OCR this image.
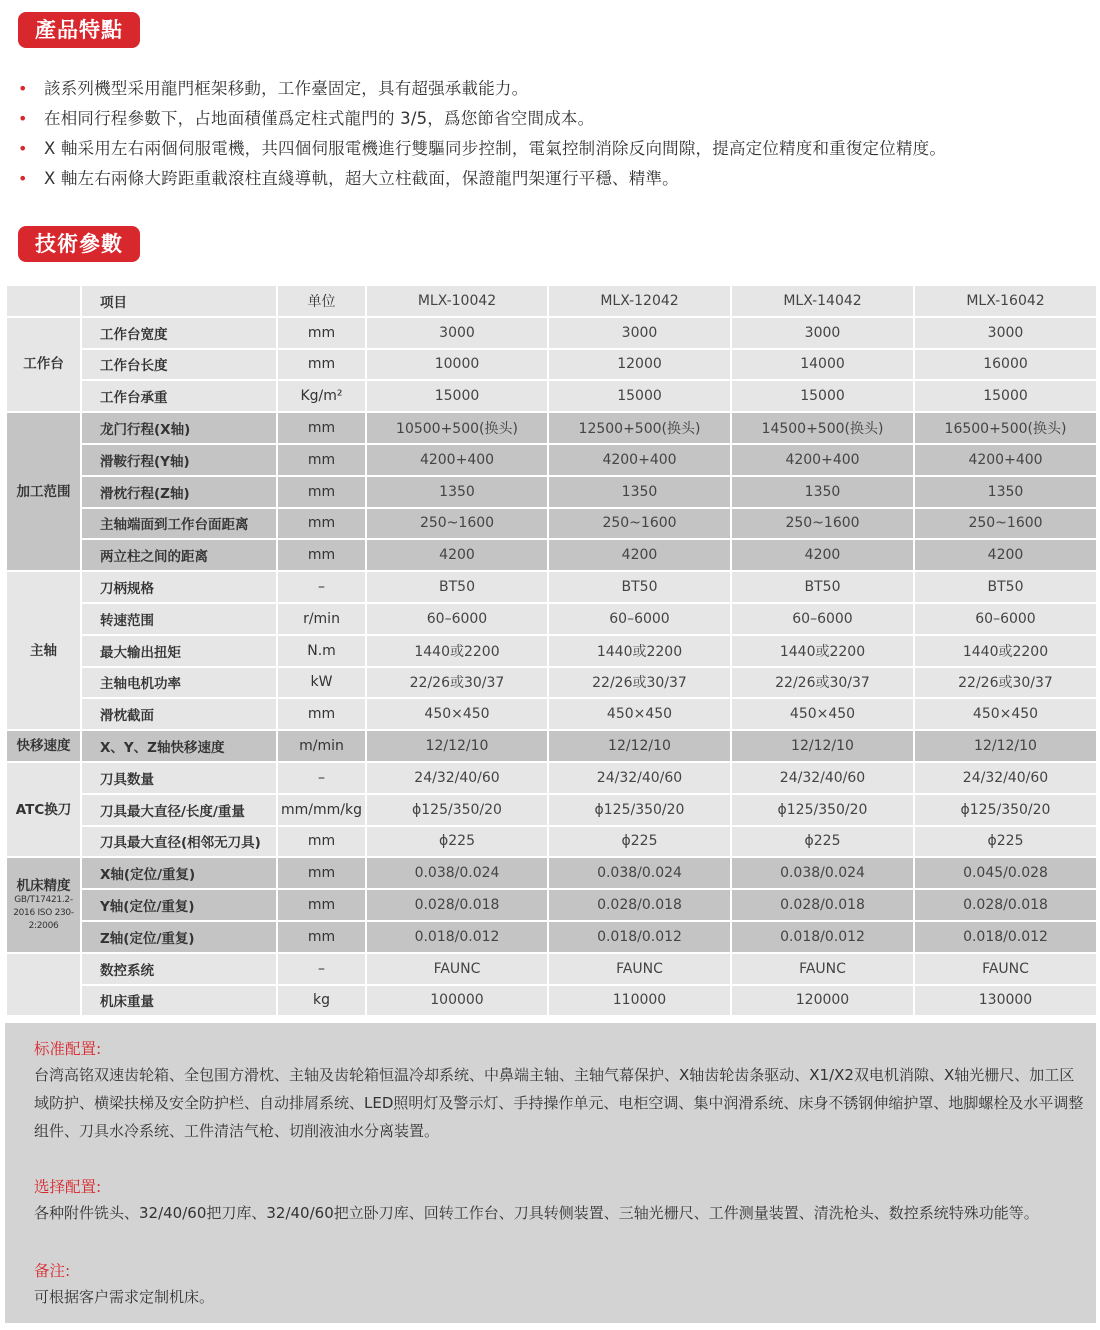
產品特點
• 該系列機型采用龍門框架移動，工作臺固定，具有超强承載能力。
• 在相同行程參數下，占地面積僅爲定柱式龍門的 3/5，爲您節省空間成本。
• X 軸采用左右兩個伺服電機，共四個伺服電機進行雙驅同步控制，電氣控制消除反向間隙，提高定位精度和重復定位精度。
• X 軸左右兩條大跨距重載滾柱直綫導軌，超大立柱截面，保證龍門架運行平穩、精準。
技術參數
	项目	单位	MLX-10042	MLX-12042	MLX-14042	MLX-16042
工作台	工作台宽度	mm	3000	3000	3000	3000
	工作台长度	mm	10000	12000	14000	16000
	工作台承重	Kg/m²	15000	15000	15000	15000
加工范围	龙门行程(X轴)	mm	10500+500(换头)	12500+500(换头)	14500+500(换头)	16500+500(换头)
	滑鞍行程(Y轴)	mm	4200+400	4200+400	4200+400	4200+400
	滑枕行程(Z轴)	mm	1350	1350	1350	1350
	主轴端面到工作台面距离	mm	250~1600	250~1600	250~1600	250~1600
	两立柱之间的距离	mm	4200	4200	4200	4200
主轴	刀柄规格	–	BT50	BT50	BT50	BT50
	转速范围	r/min	60–6000	60–6000	60–6000	60–6000
	最大输出扭矩	N.m	1440或2200	1440或2200	1440或2200	1440或2200
	主轴电机功率	kW	22/26或30/37	22/26或30/37	22/26或30/37	22/26或30/37
	滑枕截面	mm	450×450	450×450	450×450	450×450
快移速度	X、Y、Z轴快移速度	m/min	12/12/10	12/12/10	12/12/10	12/12/10
ATC换刀	刀具数量	–	24/32/40/60	24/32/40/60	24/32/40/60	24/32/40/60
	刀具最大直径/长度/重量	mm/mm/kg	ϕ125/350/20	ϕ125/350/20	ϕ125/350/20	ϕ125/350/20
	刀具最大直径(相邻无刀具)	mm	ϕ225	ϕ225	ϕ225	ϕ225
机床精度
GB/T17421.2-2016 ISO 230-2:2006	X轴(定位/重复)	mm	0.038/0.024	0.038/0.024	0.038/0.024	0.045/0.028
	Y轴(定位/重复)	mm	0.028/0.018	0.028/0.018	0.028/0.018	0.028/0.018
	Z轴(定位/重复)	mm	0.018/0.012	0.018/0.012	0.018/0.012	0.018/0.012
	数控系统	–	FAUNC	FAUNC	FAUNC	FAUNC
	机床重量	kg	100000	110000	120000	130000
标准配置:
台湾高铭双速齿轮箱、全包围方滑枕、主轴及齿轮箱恒温冷却系统、中鼻端主轴、主轴气幕保护、X轴齿轮齿条驱动、X1/X2双电机消隙、X轴光栅尺、加工区域防护、横梁扶梯及安全防护栏、自动排屑系统、LED照明灯及警示灯、手持操作单元、电柜空调、集中润滑系统、床身不锈钢伸缩护罩、地脚螺栓及水平调整组件、刀具水冷系统、工件清洁气枪、切削液油水分离装置。
选择配置:
各种附件铣头、32/40/60把刀库、32/40/60把立卧刀库、回转工作台、刀具转侧装置、三轴光栅尺、工件测量装置、清洗枪头、数控系统特殊功能等。
备注:
可根据客户需求定制机床。
